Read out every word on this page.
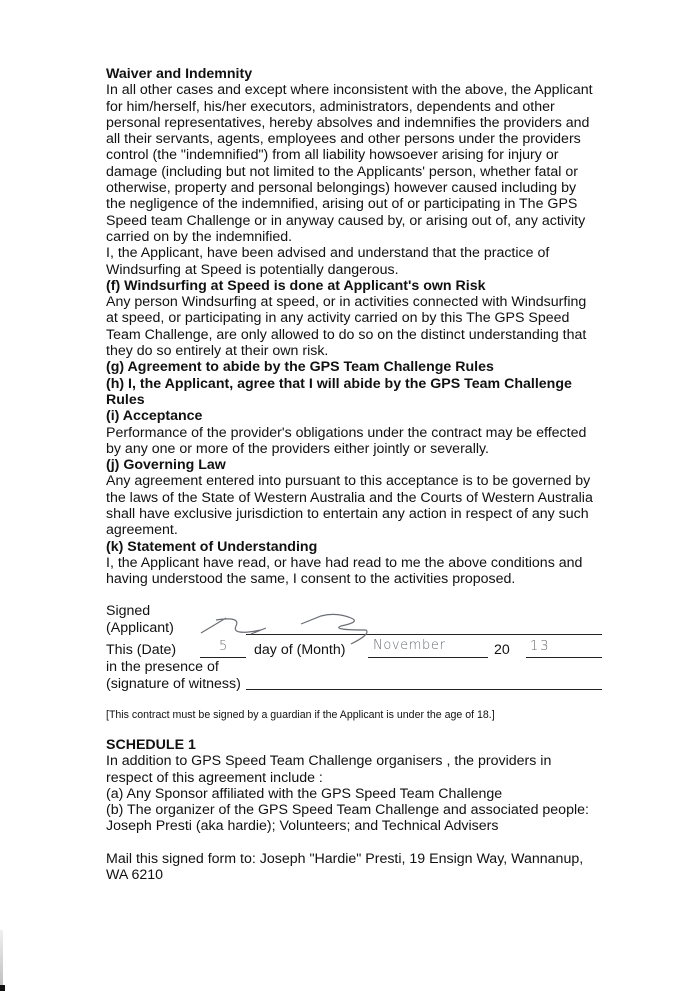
Waiver and Indemnity

In all other cases and except where inconsistent with the above, the Applicant

for him/herself, his/her executors, administrators, dependents and other

personal representatives, hereby absolves and indemnifies the providers and

all their servants, agents, employees and other persons under the providers

control (the "indemnified") from all liability howsoever arising for injury or

damage (including but not limited to the Applicants' person, whether fatal or

otherwise, property and personal belongings) however caused including by

the negligence of the indemnified, arising out of or participating in The GPS

Speed team Challenge or in anyway caused by, or arising out of, any activity

carried on by the indemnified.

I, the Applicant, have been advised and understand that the practice of

Windsurfing at Speed is potentially dangerous.

(f) Windsurfing at Speed is done at Applicant's own Risk

Any person Windsurfing at speed, or in activities connected with Windsurfing

at speed, or participating in any activity carried on by this The GPS Speed

Team Challenge, are only allowed to do so on the distinct understanding that

they do so entirely at their own risk.

(g) Agreement to abide by the GPS Team Challenge Rules

(h) I, the Applicant, agree that I will abide by the GPS Team Challenge

Rules

(i) Acceptance

Performance of the provider's obligations under the contract may be effected

by any one or more of the providers either jointly or severally.

(j) Governing Law

Any agreement entered into pursuant to this acceptance is to be governed by

the laws of the State of Western Australia and the Courts of Western Australia

shall have exclusive jurisdiction to entertain any action in respect of any such

agreement.

(k) Statement of Understanding

I, the Applicant have read, or have had read to me the above conditions and

having understood the same, I consent to the activities proposed.

Signed
(Applicant)
This (Date)	5 day of (Month) November	20 13
in the presence of
(signature of witness)
[This contract must be signed by a guardian if the Applicant is under the age of 18.]

SCHEDULE 1

In addition to GPS Speed Team Challenge organisers , the providers in

respect of this agreement include :

(a) Any Sponsor affiliated with the GPS Speed Team Challenge

(b) The organizer of the GPS Speed Team Challenge and associated people:

Joseph Presti (aka hardie); Volunteers; and Technical Advisers

Mail this signed form to: Joseph "Hardie" Presti, 19 Ensign Way, Wannanup,

WA 6210
